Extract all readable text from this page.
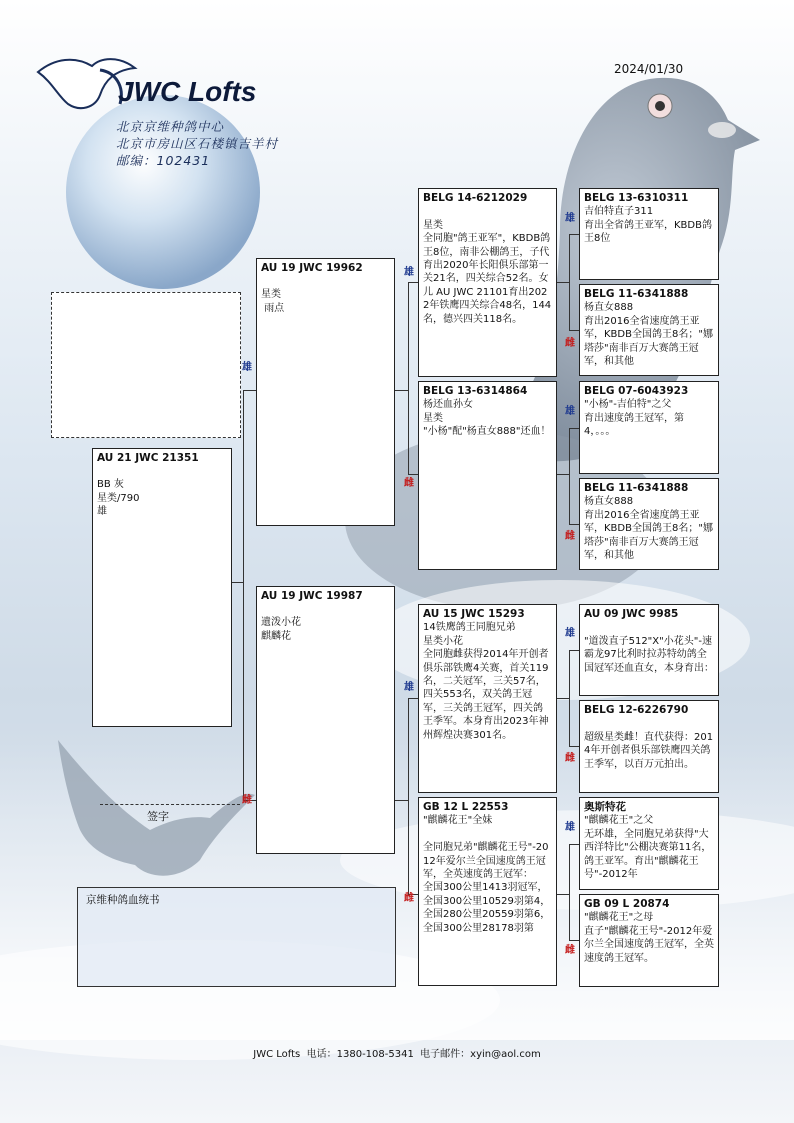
2024/01/30
JWC Lofts
北京京维种鸽中心
北京市房山区石楼镇吉羊村
邮编：102431
雄
雌
雄
雌
雄
雌
雄
雌
雄
雌
雄
雌
雄
雌
AU 21 JWC 21351
BB 灰
星类/790
雄
AU 19 JWC 19962
星类
雨点
AU 19 JWC 19987
遺泼小花
麒麟花
BELG 14-6212029

星类
全同胞"鸽王亚军"，KBDB鸽王8位，南非公棚鸽王，子代育出2020年长阳俱乐部第一关21名，四关综合52名。女儿 AU JWC 21101育出2022年铁鹰四关综合48名，144名，德兴四关118名。
BELG 13-6314864
杨还血孙女
星类
"小杨"配"杨直女888"还血！
AU 15 JWC 15293
14铁鹰鸽王同胞兄弟
星类小花
全同胞雌获得2014年开创者俱乐部铁鹰4关赛，首关119名，二关冠军，三关57名，四关553名，双关鸽王冠军，三关鸽王冠军，四关鸽王季军。本身育出2023年神州辉煌决赛301名。
GB 12 L 22553
"麒麟花王"全妹

全同胞兄弟"麒麟花王号"-2012年爱尔兰全国速度鸽王冠军，全英速度鸽王冠军：
全国300公里1413羽冠军，全国300公里10529羽第4，全国280公里20559羽第6，全国300公里28178羽第
BELG 13-6310311
吉伯特直子311
育出全省鸽王亚军，KBDB鸽王8位
BELG 11-6341888
杨直女888
育出2016全省速度鸽王亚军，KBDB全国鸽王8名；"娜塔莎"南非百万大赛鸽王冠军，和其他
BELG 07-6043923
"小杨"-吉伯特"之父
育出速度鸽王冠军，第4，。。。
BELG 11-6341888
杨直女888
育出2016全省速度鸽王亚军，KBDB全国鸽王8名；"娜塔莎"南非百万大赛鸽王冠军，和其他
AU 09 JWC 9985

"道泼直子512"X"小花头"-速霸龙97比利时拉苏特幼鸽全国冠军还血直女，本身育出：
BELG 12-6226790

超级星类雌！直代获得：2014年开创者俱乐部铁鹰四关鸽王季军，以百万元拍出。
奥斯特花
"麒麟花王"之父
无环雄，全同胞兄弟获得"大西洋特比"公棚决赛第11名，鸽王亚军。育出"麒麟花王号"-2012年
GB 09 L 20874
"麒麟花王"之母
直子"麒麟花王号"-2012年爱尔兰全国速度鸽王冠军，全英速度鸽王冠军。
签字
京维种鸽血统书
JWC Lofts  电话：1380-108-5341  电子邮件：xyin@aol.com
